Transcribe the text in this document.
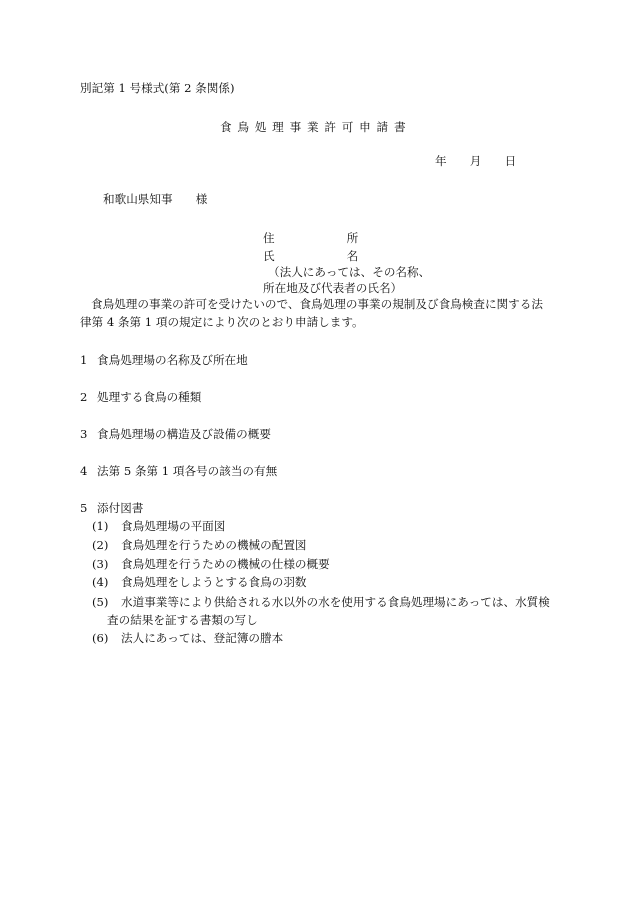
別記第 1 号様式(第 2 条関係)
食鳥処理事業許可申請書
年　　月　　日
和歌山県知事　　様
住所
氏名
（法人にあっては、その名称、
所在地及び代表者の氏名）
食鳥処理の事業の許可を受けたいので、食鳥処理の事業の規制及び食鳥検査に関する法
律第 4 条第 1 項の規定により次のとおり申請します。
1 食鳥処理場の名称及び所在地
2 処理する食鳥の種類
3 食鳥処理場の構造及び設備の概要
4 法第 5 条第 1 項各号の該当の有無
5 添付図書
(1) 食鳥処理場の平面図
(2) 食鳥処理を行うための機械の配置図
(3) 食鳥処理を行うための機械の仕様の概要
(4) 食鳥処理をしようとする食鳥の羽数
(5) 水道事業等により供給される水以外の水を使用する食鳥処理場にあっては、水質検
査の結果を証する書類の写し
(6) 法人にあっては、登記簿の謄本
